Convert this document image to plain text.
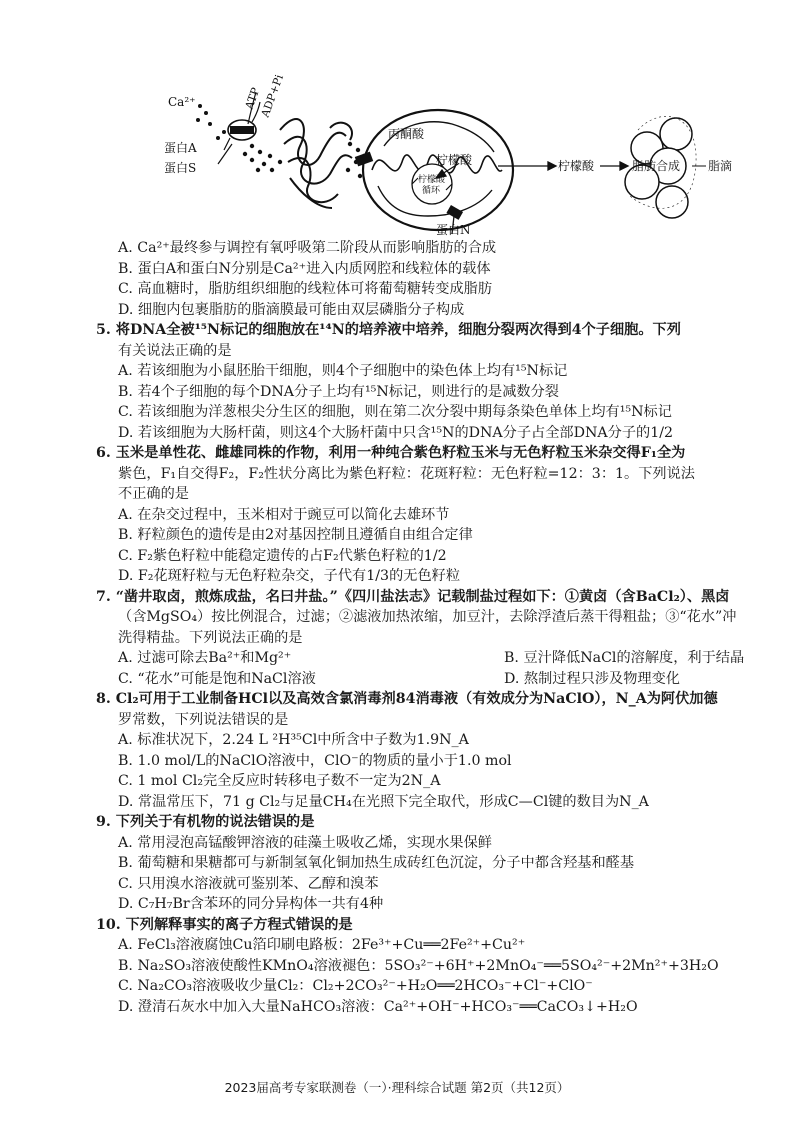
Ca²⁺	ATP
ADP+Pi
蛋白A
蛋白S
丙酮酸
柠檬酸
柠檬酸
循环
柠檬酸	脂肪合成 脂滴
蛋白N
A. Ca²⁺最终参与调控有氧呼吸第二阶段从而影响脂肪的合成
B. 蛋白A和蛋白N分别是Ca²⁺进入内质网腔和线粒体的载体
C. 高血糖时，脂肪组织细胞的线粒体可将葡萄糖转变成脂肪
D. 细胞内包裹脂肪的脂滴膜最可能由双层磷脂分子构成
5. 将DNA全被¹⁵N标记的细胞放在¹⁴N的培养液中培养，细胞分裂两次得到4个子细胞。下列
有关说法正确的是
A. 若该细胞为小鼠胚胎干细胞，则4个子细胞中的染色体上均有¹⁵N标记
B. 若4个子细胞的每个DNA分子上均有¹⁵N标记，则进行的是减数分裂
C. 若该细胞为洋葱根尖分生区的细胞，则在第二次分裂中期每条染色单体上均有¹⁵N标记
D. 若该细胞为大肠杆菌，则这4个大肠杆菌中只含¹⁵N的DNA分子占全部DNA分子的1/2
6. 玉米是单性花、雌雄同株的作物，利用一种纯合紫色籽粒玉米与无色籽粒玉米杂交得F₁全为
紫色，F₁自交得F₂，F₂性状分离比为紫色籽粒：花斑籽粒：无色籽粒=12：3：1。下列说法
不正确的是
A. 在杂交过程中，玉米相对于豌豆可以简化去雄环节
B. 籽粒颜色的遗传是由2对基因控制且遵循自由组合定律
C. F₂紫色籽粒中能稳定遗传的占F₂代紫色籽粒的1/2
D. F₂花斑籽粒与无色籽粒杂交，子代有1/3的无色籽粒
7. “凿井取卤，煎炼成盐，名曰井盐。”《四川盐法志》记载制盐过程如下：①黄卤（含BaCl₂）、黑卤
（含MgSO₄）按比例混合，过滤；②滤液加热浓缩，加豆汁，去除浮渣后蒸干得粗盐；③“花水”冲
洗得精盐。下列说法正确的是
A. 过滤可除去Ba²⁺和Mg²⁺	B. 豆汁降低NaCl的溶解度，利于结晶
C. “花水”可能是饱和NaCl溶液	D. 熬制过程只涉及物理变化
8. Cl₂可用于工业制备HCl以及高效含氯消毒剂84消毒液（有效成分为NaClO），N_A为阿伏加德
罗常数，下列说法错误的是
A. 标准状况下，2.24 L ²H³⁵Cl中所含中子数为1.9N_A
B. 1.0 mol/L的NaClO溶液中，ClO⁻的物质的量小于1.0 mol
C. 1 mol Cl₂完全反应时转移电子数不一定为2N_A
D. 常温常压下，71 g Cl₂与足量CH₄在光照下完全取代，形成C—Cl键的数目为N_A
9. 下列关于有机物的说法错误的是
A. 常用浸泡高锰酸钾溶液的硅藻土吸收乙烯，实现水果保鲜
B. 葡萄糖和果糖都可与新制氢氧化铜加热生成砖红色沉淀，分子中都含羟基和醛基
C. 只用溴水溶液就可鉴别苯、乙醇和溴苯
D. C₇H₇Br含苯环的同分异构体一共有4种
10. 下列解释事实的离子方程式错误的是
A. FeCl₃溶液腐蚀Cu箔印刷电路板：2Fe³⁺+Cu══2Fe²⁺+Cu²⁺
B. Na₂SO₃溶液使酸性KMnO₄溶液褪色：5SO₃²⁻+6H⁺+2MnO₄⁻══5SO₄²⁻+2Mn²⁺+3H₂O
C. Na₂CO₃溶液吸收少量Cl₂：Cl₂+2CO₃²⁻+H₂O══2HCO₃⁻+Cl⁻+ClO⁻
D. 澄清石灰水中加入大量NaHCO₃溶液：Ca²⁺+OH⁻+HCO₃⁻══CaCO₃↓+H₂O
2023届高考专家联测卷（一）·理科综合试题 第2页（共12页）
